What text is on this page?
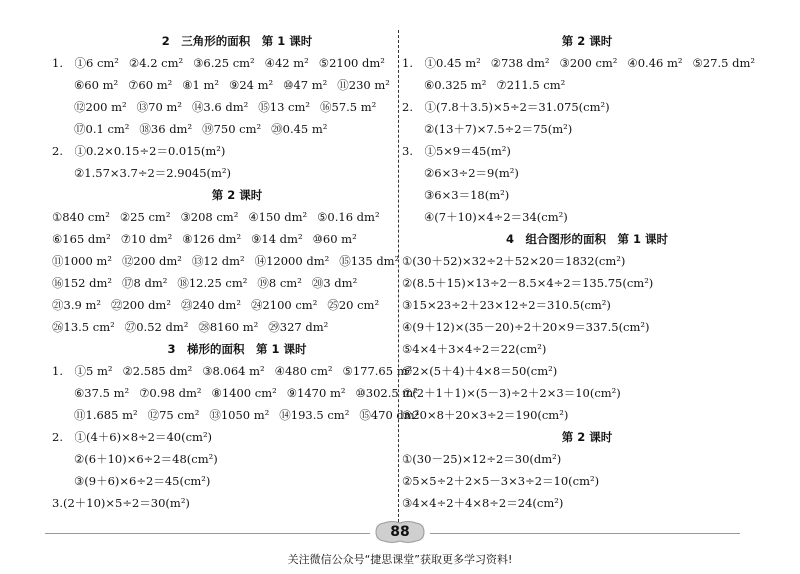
2　三角形的面积　第 1 课时
1.　①6 cm² ②4.2 cm² ③6.25 cm² ④42 m² ⑤2100 dm²
⑥60 m² ⑦60 m² ⑧1 m² ⑨24 m² ⑩47 m² ⑪230 m²
⑫200 m² ⑬70 m² ⑭3.6 dm² ⑮13 cm² ⑯57.5 m²
⑰0.1 cm² ⑱36 dm² ⑲750 cm² ⑳0.45 m²
2.　①0.2×0.15÷2＝0.015(m²)
②1.57×3.7÷2＝2.9045(m²)
第 2 课时
①840 cm² ②25 cm² ③208 cm² ④150 dm² ⑤0.16 dm²
⑥165 dm² ⑦10 dm² ⑧126 dm² ⑨14 dm² ⑩60 m²
⑪1000 m² ⑫200 dm² ⑬12 dm² ⑭12000 dm² ⑮135 dm²
⑯152 dm² ⑰8 dm² ⑱12.25 cm² ⑲8 cm² ⑳3 dm²
㉑3.9 m² ㉒200 dm² ㉓240 dm² ㉔2100 cm² ㉕20 cm²
㉖13.5 cm² ㉗0.52 dm² ㉘8160 m² ㉙327 dm²
3　梯形的面积　第 1 课时
1.　①5 m² ②2.585 dm² ③8.064 m² ④480 cm² ⑤177.65 m²
⑥37.5 m² ⑦0.98 dm² ⑧1400 cm² ⑨1470 m² ⑩302.5 m²
⑪1.685 m² ⑫75 cm² ⑬1050 m² ⑭193.5 cm² ⑮470 dm²
2.　①(4＋6)×8÷2＝40(cm²)
②(6＋10)×6÷2＝48(cm²)
③(9＋6)×6÷2＝45(cm²)
3.(2＋10)×5÷2＝30(m²)
第 2 课时
1.　①0.45 m² ②738 dm² ③200 cm² ④0.46 m² ⑤27.5 dm²
⑥0.325 m² ⑦211.5 cm²
2.　①(7.8＋3.5)×5÷2＝31.075(cm²)
②(13＋7)×7.5÷2＝75(m²)
3.　①5×9＝45(m²)
②6×3÷2＝9(m²)
③6×3＝18(m²)
④(7＋10)×4÷2＝34(cm²)
4　组合图形的面积　第 1 课时
①(30＋52)×32÷2＋52×20＝1832(cm²)
②(8.5＋15)×13÷2－8.5×4÷2＝135.75(cm²)
③15×23÷2＋23×12÷2＝310.5(cm²)
④(9＋12)×(35－20)÷2＋20×9＝337.5(cm²)
⑤4×4＋3×4÷2＝22(cm²)
⑥2×(5＋4)＋4×8＝50(cm²)
⑦(2＋1＋1)×(5－3)÷2＋2×3＝10(cm²)
⑧20×8＋20×3÷2＝190(cm²)
第 2 课时
①(30－25)×12÷2＝30(dm²)
②5×5÷2＋2×5－3×3÷2＝10(cm²)
③4×4÷2＋4×8÷2＝24(cm²)
88
关注微信公众号“捷思课堂”获取更多学习资料!
